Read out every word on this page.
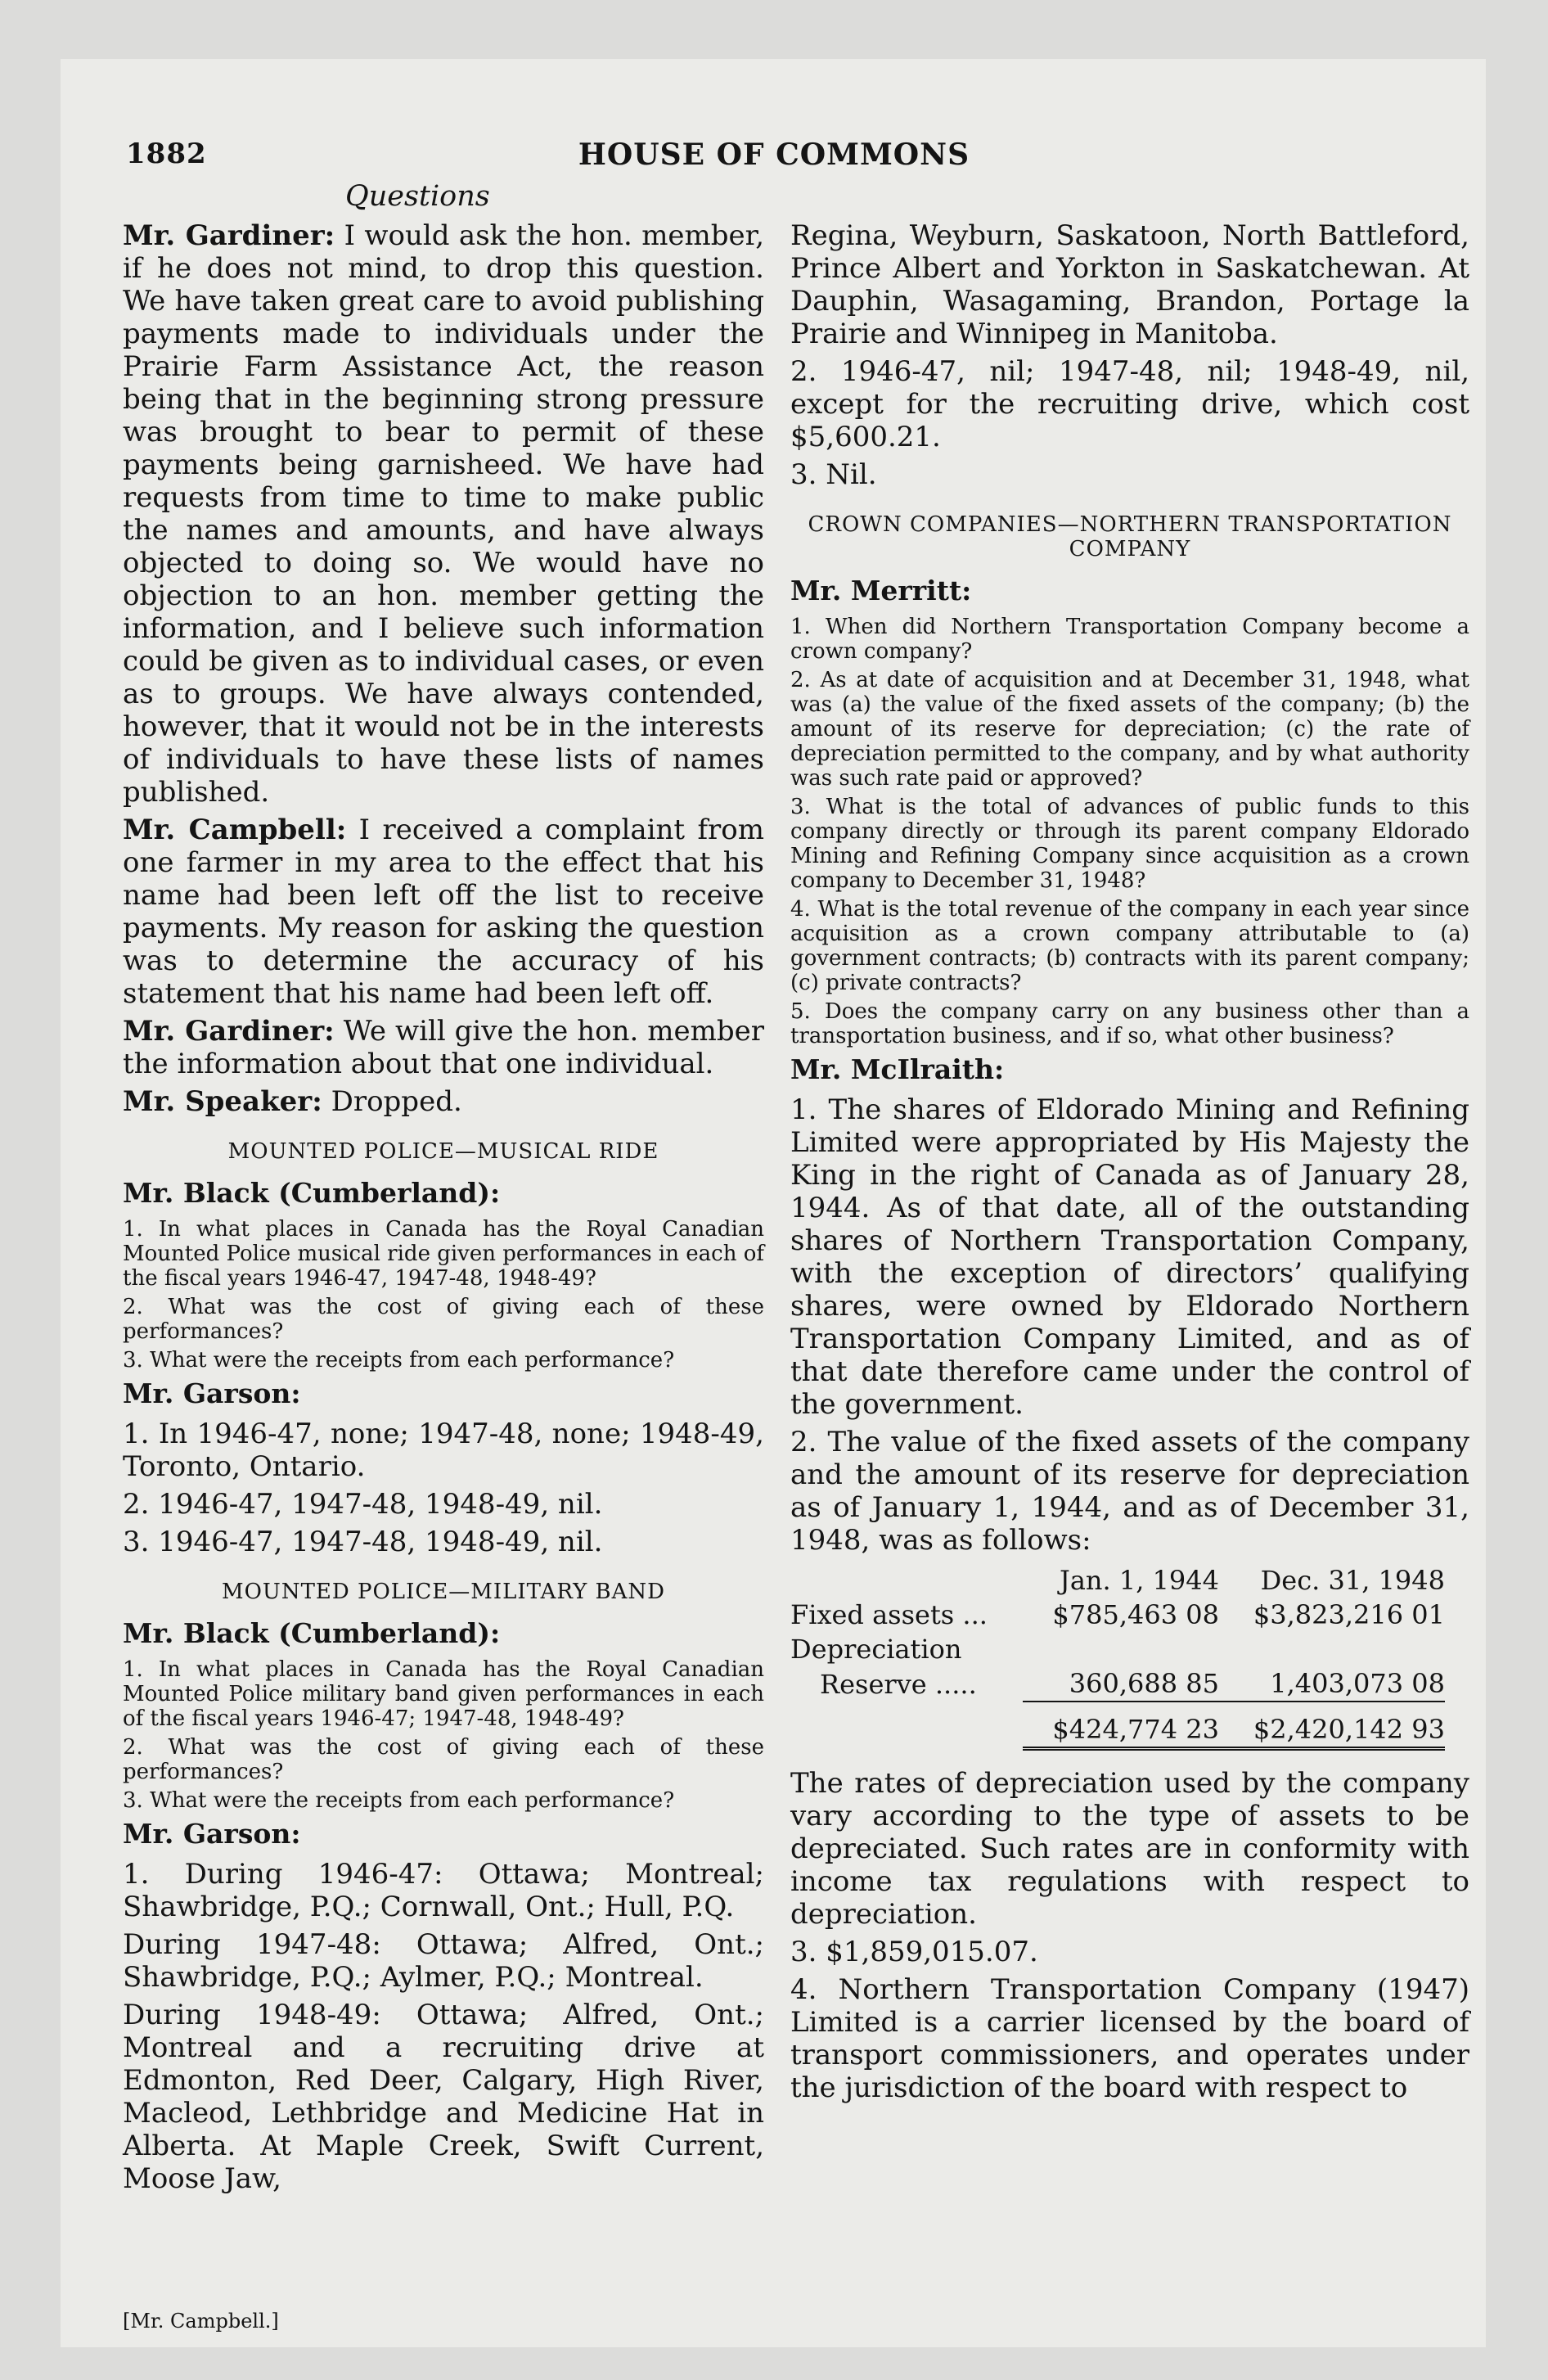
1882	HOUSE OF COMMONS
Questions

Mr. Gardiner: I would ask the hon. member, if he does not mind, to drop this question. We have taken great care to avoid publishing payments made to individuals under the Prairie Farm Assistance Act, the reason being that in the beginning strong pressure was brought to bear to permit of these payments being garnisheed. We have had requests from time to time to make public the names and amounts, and have always objected to doing so. We would have no objection to an hon. member getting the information, and I believe such information could be given as to individual cases, or even as to groups. We have always contended, however, that it would not be in the interests of individuals to have these lists of names published.

Mr. Campbell: I received a complaint from one farmer in my area to the effect that his name had been left off the list to receive payments. My reason for asking the question was to determine the accuracy of his statement that his name had been left off.

Mr. Gardiner: We will give the hon. member the information about that one individual.

Mr. Speaker: Dropped.

MOUNTED POLICE—MUSICAL RIDE
Mr. Black (Cumberland):

1. In what places in Canada has the Royal Canadian Mounted Police musical ride given performances in each of the fiscal years 1946-47, 1947-48, 1948-49?

2. What was the cost of giving each of these performances?

3. What were the receipts from each performance?

Mr. Garson:

1. In 1946-47, none; 1947-48, none; 1948-49, Toronto, Ontario.

2. 1946-47, 1947-48, 1948-49, nil.

3. 1946-47, 1947-48, 1948-49, nil.

MOUNTED POLICE—MILITARY BAND
Mr. Black (Cumberland):

1. In what places in Canada has the Royal Canadian Mounted Police military band given performances in each of the fiscal years 1946-47; 1947-48, 1948-49?

2. What was the cost of giving each of these performances?

3. What were the receipts from each performance?

Mr. Garson:

1. During 1946-47: Ottawa; Montreal; Shawbridge, P.Q.; Cornwall, Ont.; Hull, P.Q.

During 1947-48: Ottawa; Alfred, Ont.; Shawbridge, P.Q.; Aylmer, P.Q.; Montreal.

During 1948-49: Ottawa; Alfred, Ont.; Montreal and a recruiting drive at Edmonton, Red Deer, Calgary, High River, Macleod, Lethbridge and Medicine Hat in Alberta. At Maple Creek, Swift Current, Moose Jaw,

Regina, Weyburn, Saskatoon, North Battleford, Prince Albert and Yorkton in Saskatchewan. At Dauphin, Wasagaming, Brandon, Portage la Prairie and Winnipeg in Manitoba.

2. 1946-47, nil; 1947-48, nil; 1948-49, nil, except for the recruiting drive, which cost $5,600.21.

3. Nil.

CROWN COMPANIES—NORTHERN TRANSPORTATION COMPANY
Mr. Merritt:

1. When did Northern Transportation Company become a crown company?

2. As at date of acquisition and at December 31, 1948, what was (a) the value of the fixed assets of the company; (b) the amount of its reserve for depreciation; (c) the rate of depreciation permitted to the company, and by what authority was such rate paid or approved?

3. What is the total of advances of public funds to this company directly or through its parent company Eldorado Mining and Refining Company since acquisition as a crown company to December 31, 1948?

4. What is the total revenue of the company in each year since acquisition as a crown company attributable to (a) government contracts; (b) contracts with its parent company; (c) private contracts?

5. Does the company carry on any business other than a transportation business, and if so, what other business?

Mr. McIlraith:

1. The shares of Eldorado Mining and Refining Limited were appropriated by His Majesty the King in the right of Canada as of January 28, 1944. As of that date, all of the outstanding shares of Northern Transportation Company, with the exception of directors’ qualifying shares, were owned by Eldorado Northern Transportation Company Limited, and as of that date therefore came under the control of the government.

2. The value of the fixed assets of the company and the amount of its reserve for depreciation as of January 1, 1944, and as of December 31, 1948, was as follows:

	Jan. 1, 1944	Dec. 31, 1948
Fixed assets ...	$785,463 08	$3,823,216 01
Depreciation		
Reserve .....	360,688 85	1,403,073 08
	$424,774 23	$2,420,142 93

The rates of depreciation used by the company vary according to the type of assets to be depreciated. Such rates are in conformity with income tax regulations with respect to depreciation.

3. $1,859,015.07.

4. Northern Transportation Company (1947) Limited is a carrier licensed by the board of transport commissioners, and operates under the jurisdiction of the board with respect to

[Mr. Campbell.]
